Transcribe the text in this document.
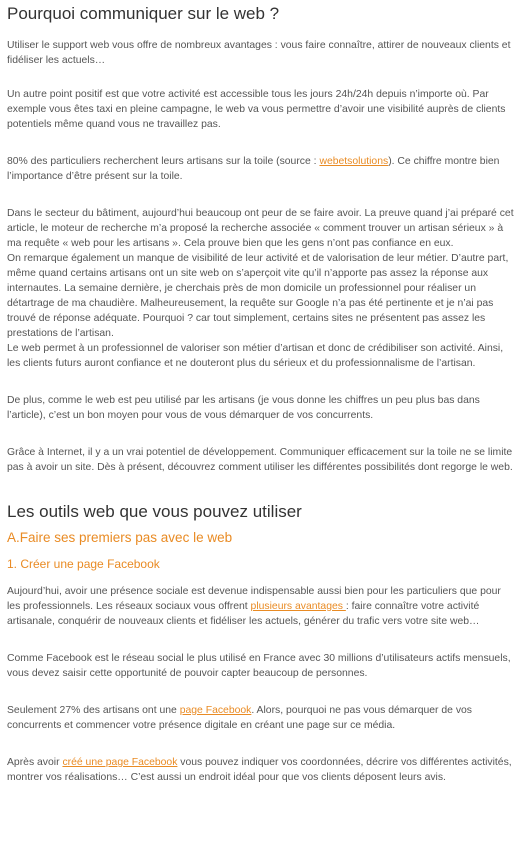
Pourquoi communiquer sur le web ?

Utiliser le support web vous offre de nombreux avantages : vous faire connaître, attirer de nouveaux clients et fidéliser les actuels…

Un autre point positif est que votre activité est accessible tous les jours 24h/24h depuis n’importe où. Par exemple vous êtes taxi en pleine campagne, le web va vous permettre d’avoir une visibilité auprès de clients potentiels même quand vous ne travaillez pas.

80% des particuliers recherchent leurs artisans sur la toile (source : webetsolutions). Ce chiffre montre bien l’importance d’être présent sur la toile.

Dans le secteur du bâtiment, aujourd’hui beaucoup ont peur de se faire avoir. La preuve quand j’ai préparé cet article, le moteur de recherche m’a proposé la recherche associée « comment trouver un artisan sérieux » à ma requête « web pour les artisans ». Cela prouve bien que les gens n’ont pas confiance en eux.

On remarque également un manque de visibilité de leur activité et de valorisation de leur métier. D’autre part, même quand certains artisans ont un site web on s’aperçoit vite qu’il n’apporte pas assez la réponse aux internautes. La semaine dernière, je cherchais près de mon domicile un professionnel pour réaliser un détartrage de ma chaudière. Malheureusement, la requête sur Google n’a pas été pertinente et je n’ai pas trouvé de réponse adéquate. Pourquoi ? car tout simplement, certains sites ne présentent pas assez les prestations de l’artisan.

Le web permet à un professionnel de valoriser son métier d’artisan et donc de crédibiliser son activité. Ainsi, les clients futurs auront confiance et ne douteront plus du sérieux et du professionnalisme de l’artisan.

De plus, comme le web est peu utilisé par les artisans (je vous donne les chiffres un peu plus bas dans l’article), c’est un bon moyen pour vous de vous démarquer de vos concurrents.

Grâce à Internet, il y a un vrai potentiel de développement. Communiquer efficacement sur la toile ne se limite pas à avoir un site. Dès à présent, découvrez comment utiliser les différentes possibilités dont regorge le web.

Les outils web que vous pouvez utiliser
A.Faire ses premiers pas avec le web
1. Créer une page Facebook

Aujourd’hui, avoir une présence sociale est devenue indispensable aussi bien pour les particuliers que pour les professionnels. Les réseaux sociaux vous offrent plusieurs avantages : faire connaître votre activité artisanale, conquérir de nouveaux clients et fidéliser les actuels, générer du trafic vers votre site web…

Comme Facebook est le réseau social le plus utilisé en France avec 30 millions d’utilisateurs actifs mensuels, vous devez saisir cette opportunité de pouvoir capter beaucoup de personnes.

Seulement 27% des artisans ont une page Facebook. Alors, pourquoi ne pas vous démarquer de vos concurrents et commencer votre présence digitale en créant une page sur ce média.

Après avoir créé une page Facebook vous pouvez indiquer vos coordonnées, décrire vos différentes activités, montrer vos réalisations… C’est aussi un endroit idéal pour que vos clients déposent leurs avis.
